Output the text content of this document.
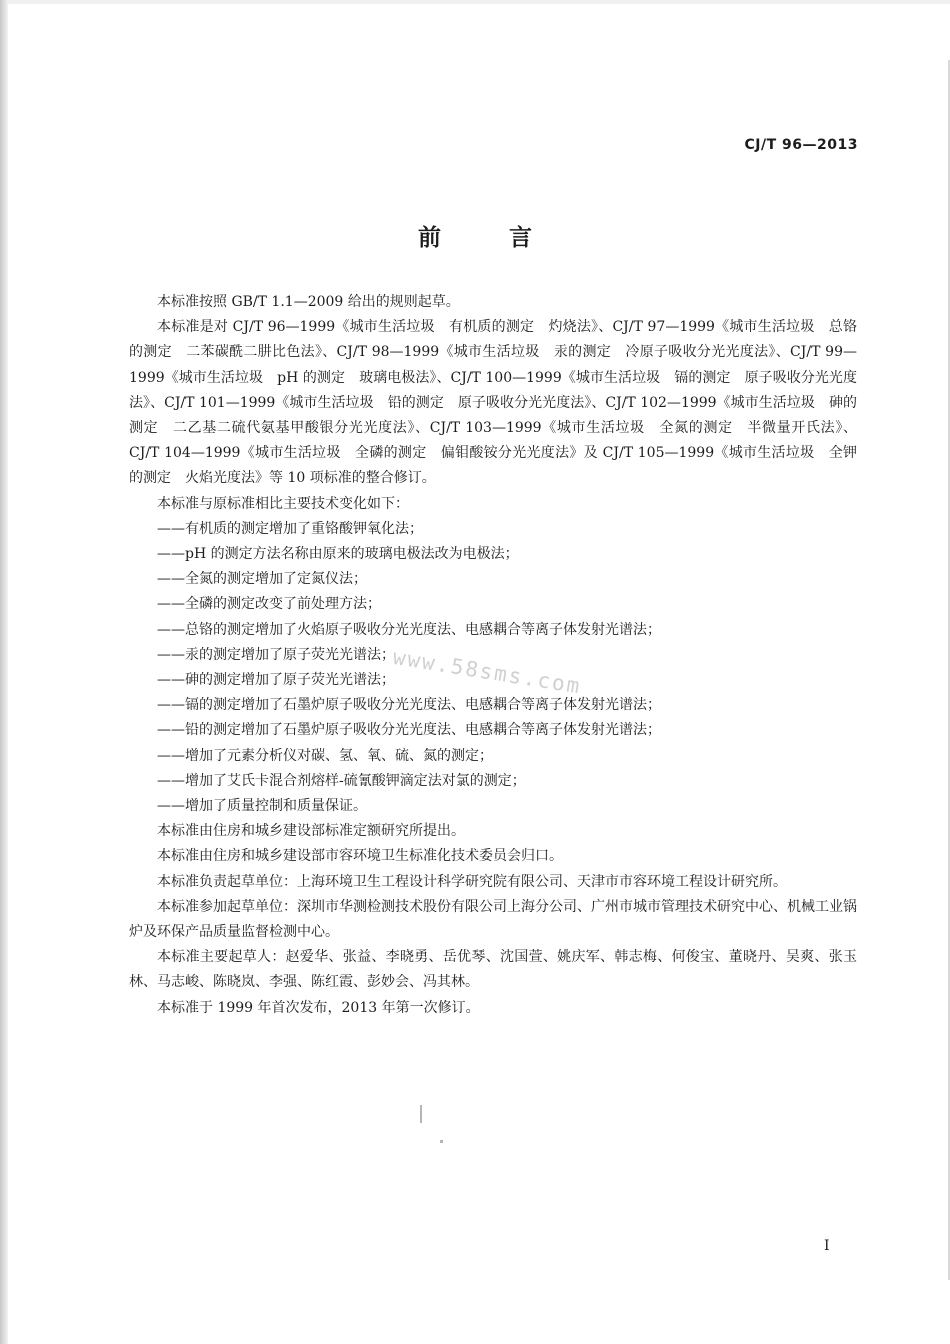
CJ/T 96—2013
前 言

本标准按照 GB/T 1.1—2009 给出的规则起草。

本标准是对 CJ/T 96—1999《城市生活垃圾　有机质的测定　灼烧法》、CJ/T 97—1999《城市生活垃圾　总铬的测定　二苯碳酰二肼比色法》、CJ/T 98—1999《城市生活垃圾　汞的测定　冷原子吸收分光光度法》、CJ/T 99—1999《城市生活垃圾　pH 的测定　玻璃电极法》、CJ/T 100—1999《城市生活垃圾　镉的测定　原子吸收分光光度法》、CJ/T 101—1999《城市生活垃圾　铅的测定　原子吸收分光光度法》、CJ/T 102—1999《城市生活垃圾　砷的测定　二乙基二硫代氨基甲酸银分光光度法》、CJ/T 103—1999《城市生活垃圾　全氮的测定　半微量开氏法》、CJ/T 104—1999《城市生活垃圾　全磷的测定　偏钼酸铵分光光度法》及 CJ/T 105—1999《城市生活垃圾　全钾的测定　火焰光度法》等 10 项标准的整合修订。

本标准与原标准相比主要技术变化如下：

——有机质的测定增加了重铬酸钾氧化法；

——pH 的测定方法名称由原来的玻璃电极法改为电极法；

——全氮的测定增加了定氮仪法；

——全磷的测定改变了前处理方法；

——总铬的测定增加了火焰原子吸收分光光度法、电感耦合等离子体发射光谱法；

——汞的测定增加了原子荧光光谱法；

——砷的测定增加了原子荧光光谱法；

——镉的测定增加了石墨炉原子吸收分光光度法、电感耦合等离子体发射光谱法；

——铅的测定增加了石墨炉原子吸收分光光度法、电感耦合等离子体发射光谱法；

——增加了元素分析仪对碳、氢、氧、硫、氮的测定；

——增加了艾氏卡混合剂熔样-硫氰酸钾滴定法对氯的测定；

——增加了质量控制和质量保证。

本标准由住房和城乡建设部标准定额研究所提出。

本标准由住房和城乡建设部市容环境卫生标准化技术委员会归口。

本标准负责起草单位：上海环境卫生工程设计科学研究院有限公司、天津市市容环境工程设计研究所。

本标准参加起草单位：深圳市华测检测技术股份有限公司上海分公司、广州市城市管理技术研究中心、机械工业锅炉及环保产品质量监督检测中心。

本标准主要起草人：赵爱华、张益、李晓勇、岳优琴、沈国萱、姚庆军、韩志梅、何俊宝、董晓丹、吴爽、张玉林、马志峻、陈晓岚、李强、陈红霞、彭妙会、冯其林。

本标准于 1999 年首次发布，2013 年第一次修订。

www.58sms.com
I
